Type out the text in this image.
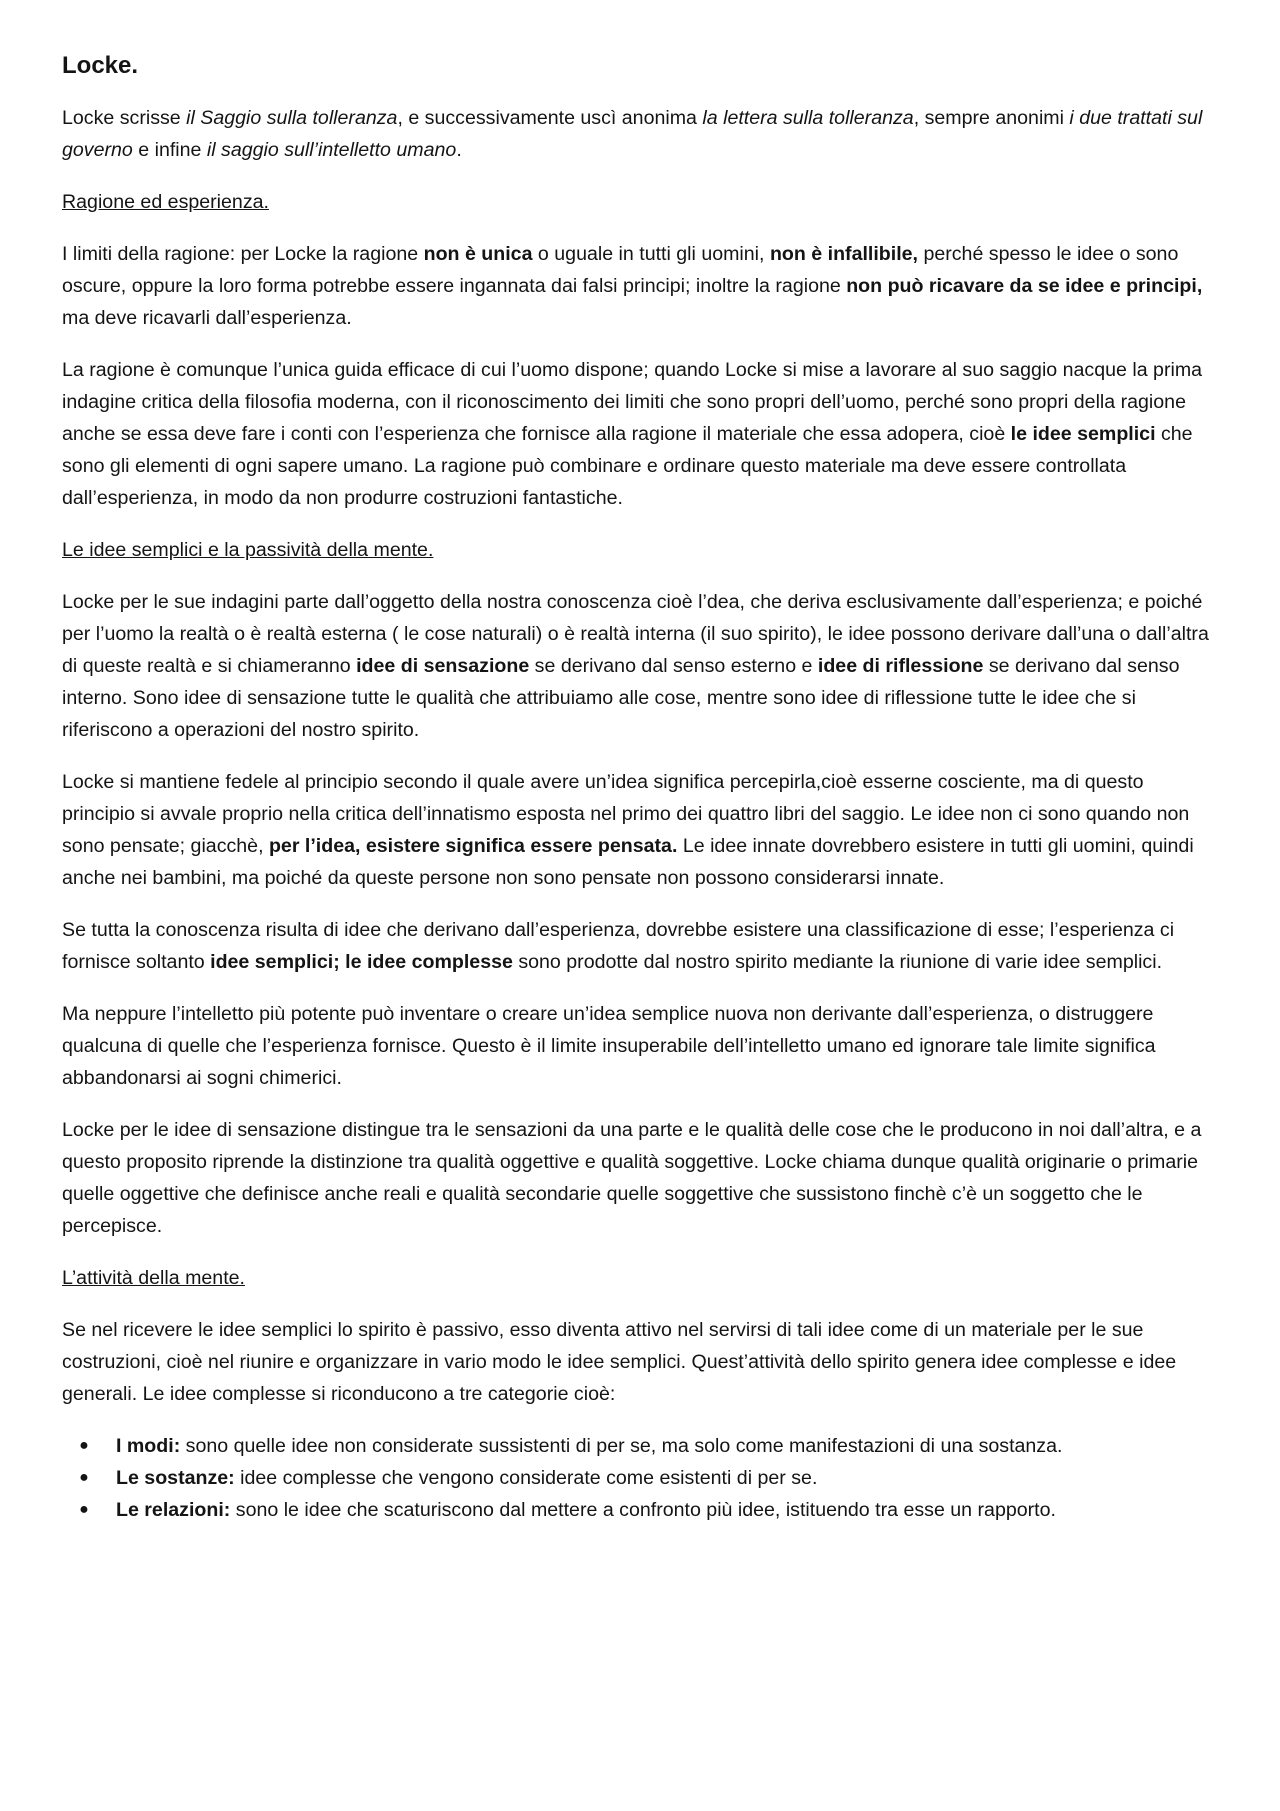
Locke.

Locke scrisse il Saggio sulla tolleranza, e successivamente uscì anonima la lettera sulla tolleranza, sempre anonimi i due trattati sul governo e infine il saggio sull’intelletto umano.

Ragione ed esperienza.

I limiti della ragione: per Locke la ragione non è unica o uguale in tutti gli uomini, non è infallibile, perché spesso le idee o sono oscure, oppure la loro forma potrebbe essere ingannata dai falsi principi; inoltre la ragione non può ricavare da se idee e principi, ma deve ricavarli dall’esperienza.

La ragione è comunque l’unica guida efficace di cui l’uomo dispone; quando Locke si mise a lavorare al suo saggio nacque la prima indagine critica della filosofia moderna, con il riconoscimento dei limiti che sono propri dell’uomo, perché sono propri della ragione anche se essa deve fare i conti con l’esperienza che fornisce alla ragione il materiale che essa adopera, cioè le idee semplici che sono gli elementi di ogni sapere umano. La ragione può combinare e ordinare questo materiale ma deve essere controllata dall’esperienza, in modo da non produrre costruzioni fantastiche.

Le idee semplici e la passività della mente.

Locke per le sue indagini parte dall’oggetto della nostra conoscenza cioè l’dea, che deriva esclusivamente dall’esperienza; e poiché per l’uomo la realtà o è realtà esterna ( le cose naturali) o è realtà interna (il suo spirito), le idee possono derivare dall’una o dall’altra di queste realtà e si chiameranno idee di sensazione se derivano dal senso esterno e idee di riflessione se derivano dal senso interno. Sono idee di sensazione tutte le qualità che attribuiamo alle cose, mentre sono idee di riflessione tutte le idee che si riferiscono a operazioni del nostro spirito.

Locke si mantiene fedele al principio secondo il quale avere un’idea significa percepirla,cioè esserne cosciente, ma di questo principio si avvale proprio nella critica dell’innatismo esposta nel primo dei quattro libri del saggio. Le idee non ci sono quando non sono pensate; giacchè, per l’idea, esistere significa essere pensata. Le idee innate dovrebbero esistere in tutti gli uomini, quindi anche nei bambini, ma poiché da queste persone non sono pensate non possono considerarsi innate.

Se tutta la conoscenza risulta di idee che derivano dall’esperienza, dovrebbe esistere una classificazione di esse; l’esperienza ci fornisce soltanto idee semplici; le idee complesse sono prodotte dal nostro spirito mediante la riunione di varie idee semplici.

Ma neppure l’intelletto più potente può inventare o creare un’idea semplice nuova non derivante dall’esperienza, o distruggere qualcuna di quelle che l’esperienza fornisce. Questo è il limite insuperabile dell’intelletto umano ed ignorare tale limite significa abbandonarsi ai sogni chimerici.

Locke per le idee di sensazione distingue tra le sensazioni da una parte e le qualità delle cose che le producono in noi dall’altra, e a questo proposito riprende la distinzione tra qualità oggettive e qualità soggettive. Locke chiama dunque qualità originarie o primarie quelle oggettive che definisce anche reali e qualità secondarie quelle soggettive che sussistono finchè c’è un soggetto che le percepisce.

L’attività della mente.

Se nel ricevere le idee semplici lo spirito è passivo, esso diventa attivo nel servirsi di tali idee come di un materiale per le sue costruzioni, cioè nel riunire e organizzare in vario modo le idee semplici. Quest’attività dello spirito genera idee complesse e idee generali. Le idee complesse si riconducono a tre categorie cioè:

● I modi: sono quelle idee non considerate sussistenti di per se, ma solo come manifestazioni di una sostanza.
● Le sostanze: idee complesse che vengono considerate come esistenti di per se.
● Le relazioni: sono le idee che scaturiscono dal mettere a confronto più idee, istituendo tra esse un rapporto.
